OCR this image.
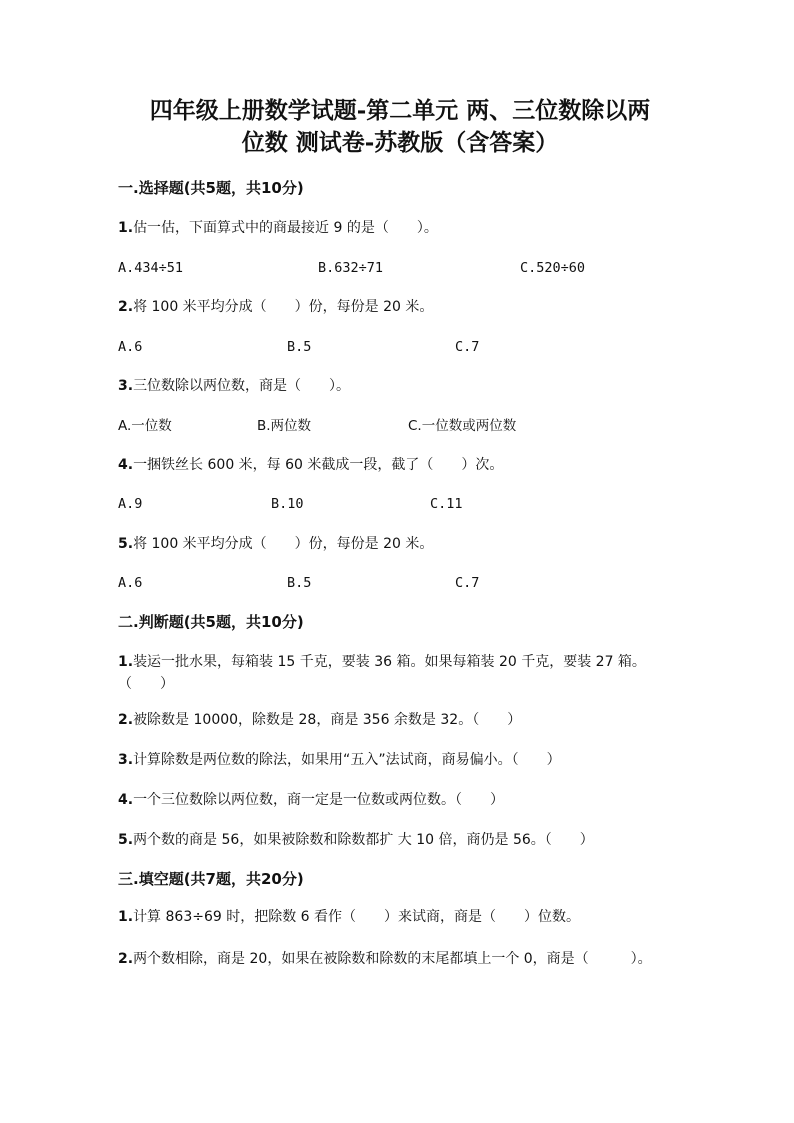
四年级上册数学试题-第二单元 两、三位数除以两
位数 测试卷-苏教版（含答案）
一.选择题(共5题，共10分)
1.估一估，下面算式中的商最接近 9 的是（　　）。
A.434÷51	B.632÷71	C.520÷60
2.将 100 米平均分成（　　）份，每份是 20 米。
A.6	B.5	C.7
3.三位数除以两位数，商是（　　）。
A.一位数	B.两位数	C.一位数或两位数
4.一捆铁丝长 600 米，每 60 米截成一段，截了（　　）次。
A.9	B.10	C.11
5.将 100 米平均分成（　　）份，每份是 20 米。
A.6	B.5	C.7
二.判断题(共5题，共10分)
1.装运一批水果，每箱装 15 千克，要装 36 箱。如果每箱装 20 千克，要装 27 箱。（　　）
2.被除数是 10000，除数是 28，商是 356 余数是 32。（　　）
3.计算除数是两位数的除法，如果用“五入”法试商，商易偏小。（　　）
4.一个三位数除以两位数，商一定是一位数或两位数。（　　）
5.两个数的商是 56，如果被除数和除数都扩 大 10 倍，商仍是 56。（　　）
三.填空题(共7题，共20分)
1.计算 863÷69 时，把除数 6 看作（　　）来试商，商是（　　）位数。
2.两个数相除，商是 20，如果在被除数和除数的末尾都填上一个 0，商是（　　　）。
